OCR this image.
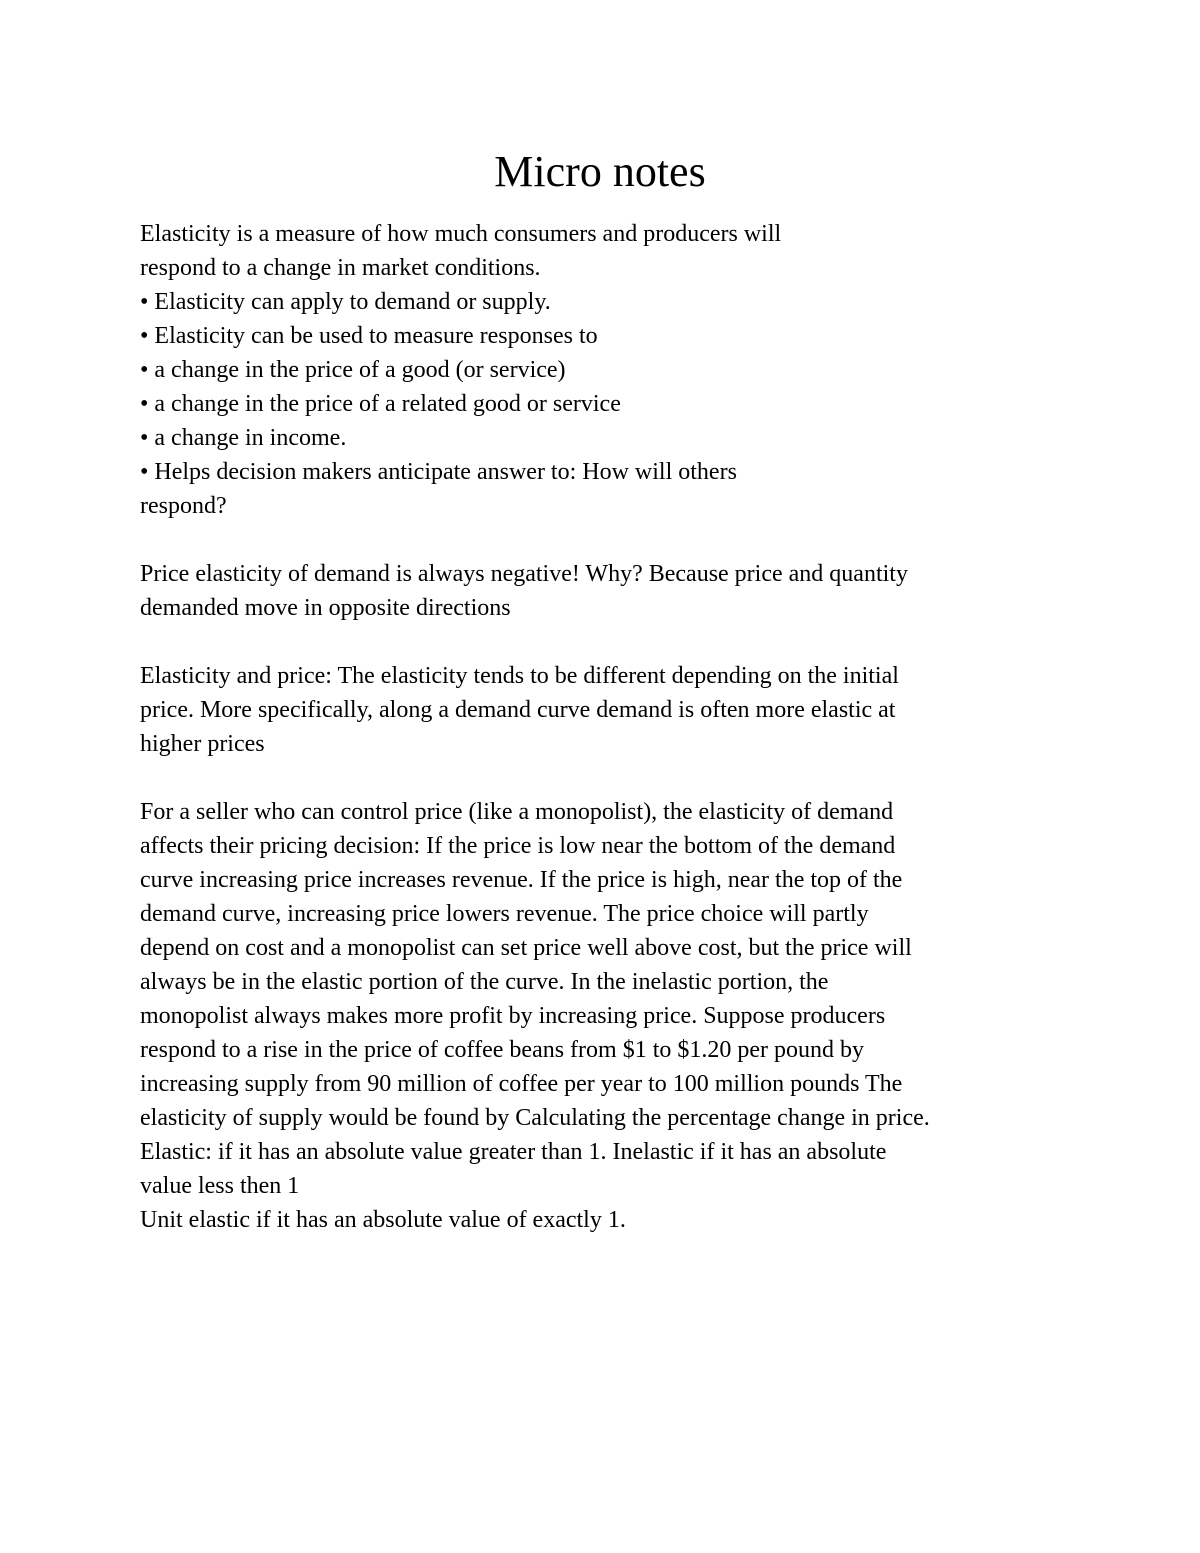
Micro notes
Elasticity is a measure of how much consumers and producers will
respond to a change in market conditions.
• Elasticity can apply to demand or supply.
• Elasticity can be used to measure responses to
• a change in the price of a good (or service)
• a change in the price of a related good or service
• a change in income.
• Helps decision makers anticipate answer to: How will others
respond?
Price elasticity of demand is always negative! Why? Because price and quantity
demanded move in opposite directions
Elasticity and price: The elasticity tends to be different depending on the initial
price. More specifically, along a demand curve demand is often more elastic at
higher prices
For a seller who can control price (like a monopolist), the elasticity of demand
affects their pricing decision: If the price is low near the bottom of the demand
curve increasing price increases revenue. If the price is high, near the top of the
demand curve, increasing price lowers revenue. The price choice will partly
depend on cost and a monopolist can set price well above cost, but the price will
always be in the elastic portion of the curve. In the inelastic portion, the
monopolist always makes more profit by increasing price. Suppose producers
respond to a rise in the price of coffee beans from $1 to $1.20 per pound by
increasing supply from 90 million of coffee per year to 100 million pounds The
elasticity of supply would be found by Calculating the percentage change in price.
Elastic: if it has an absolute value greater than 1. Inelastic if it has an absolute
value less then 1
Unit elastic if it has an absolute value of exactly 1.
